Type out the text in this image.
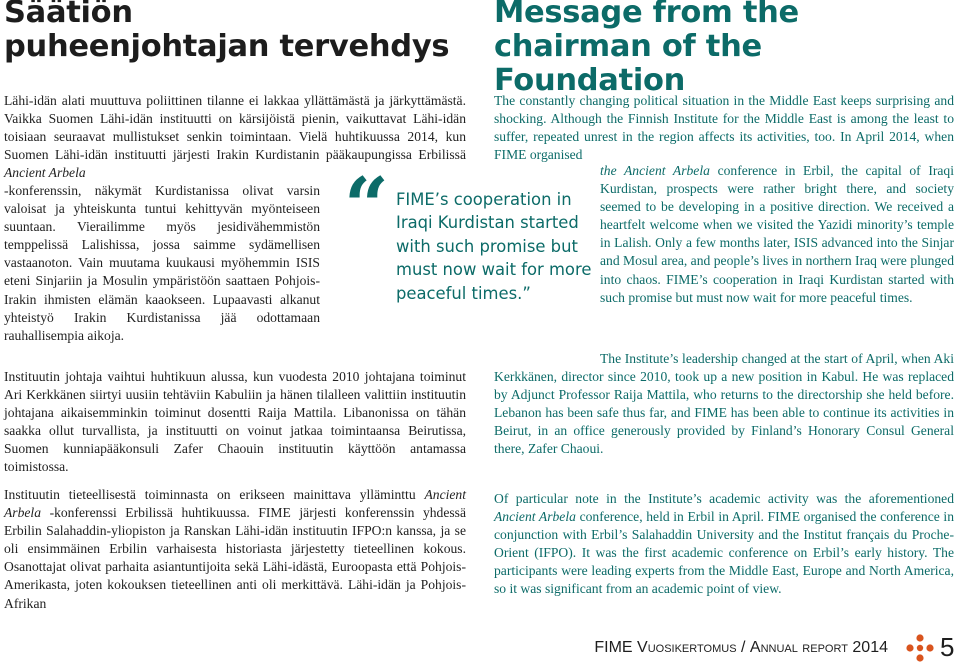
Säätiön
puheenjohtajan tervehdys
Message from the
chairman of the Foundation

Lähi-idän alati muuttuva poliittinen tilanne ei lakkaa yllättämästä ja järkyttämästä. Vaikka Suomen Lähi-idän instituutti on kärsijöistä pienin, vaikuttavat Lähi-idän toisiaan seuraavat mullistukset senkin toimintaan. Vielä huhtikuussa 2014, kun Suomen Lähi-idän instituutti järjesti Irakin Kurdistanin pääkaupungissa Erbilissä Ancient Arbela

-konferenssin, näkymät Kurdistanissa olivat varsin valoisat ja yhteiskunta tuntui kehittyvän myönteiseen suuntaan. Vierailimme myös jesidivähemmistön temppelissä Lalishissa, jossa saimme sydämellisen vastaanoton. Vain muutama kuukausi myöhemmin ISIS eteni Sinjariin ja Mosulin ympäristöön saattaen Pohjois-Irakin ihmisten elämän kaaokseen. Lupaavasti alkanut yhteistyö Irakin Kurdistanissa jää odottamaan rauhallisempia aikoja.

Instituutin johtaja vaihtui huhtikuun alussa, kun vuodesta 2010 johtajana toiminut Ari Kerkkänen siirtyi uusiin tehtäviin Kabuliin ja hänen tilalleen valittiin instituutin johtajana aikaisemminkin toiminut dosentti Raija Mattila. Libanonissa on tähän saakka ollut turvallista, ja instituutti on voinut jatkaa toimintaansa Beirutissa, Suomen kunniapääkonsuli Zafer Chaouin instituutin käyttöön antamassa toimistossa.

Instituutin tieteellisestä toiminnasta on erikseen mainittava ylläminttu Ancient Arbela -konferenssi Erbilissä huhtikuussa. FIME järjesti konferenssin yhdessä Erbilin Salahaddin-yliopiston ja Ranskan Lähi-idän instituutin IFPO:n kanssa, ja se oli ensimmäinen Erbilin varhaisesta historiasta järjestetty tieteellinen kokous. Osanottajat olivat parhaita asiantuntijoita sekä Lähi-idästä, Euroopasta että Pohjois-Amerikasta, joten kokouksen tieteellinen anti oli merkittävä. Lähi-idän ja Pohjois-Afrikan

“ FIME’s cooperation in Iraqi Kurdistan started with such promise but must now wait for more peaceful times.”

The constantly changing political situation in the Middle East keeps surprising and shocking. Although the Finnish Institute for the Middle East is among the least to suffer, repeated unrest in the region affects its activities, too. In April 2014, when FIME organised

the Ancient Arbela conference in Erbil, the capital of Iraqi Kurdistan, prospects were rather bright there, and society seemed to be developing in a positive direction. We received a heartfelt welcome when we visited the Yazidi minority’s temple in Lalish. Only a few months later, ISIS advanced into the Sinjar and Mosul area, and people’s lives in northern Iraq were plunged into chaos. FIME’s cooperation in Iraqi Kurdistan started with such promise but must now wait for more peaceful times.

The Institute’s leadership changed at the start of April, when Aki Kerkkänen, director since 2010, took up a new position in Kabul. He was replaced by Adjunct Professor Raija Mattila, who returns to the directorship she held before. Lebanon has been safe thus far, and FIME has been able to continue its activities in Beirut, in an office generously provided by Finland’s Honorary Consul General there, Zafer Chaoui.

Of particular note in the Institute’s academic activity was the aforementioned Ancient Arbela conference, held in Erbil in April. FIME organised the conference in conjunction with Erbil’s Salahaddin University and the Institut français du Proche-Orient (IFPO). It was the first academic conference on Erbil’s early history. The participants were leading experts from the Middle East, Europe and North America, so it was significant from an academic point of view.

FIME Vuosikertomus / Annual report 2014 5
